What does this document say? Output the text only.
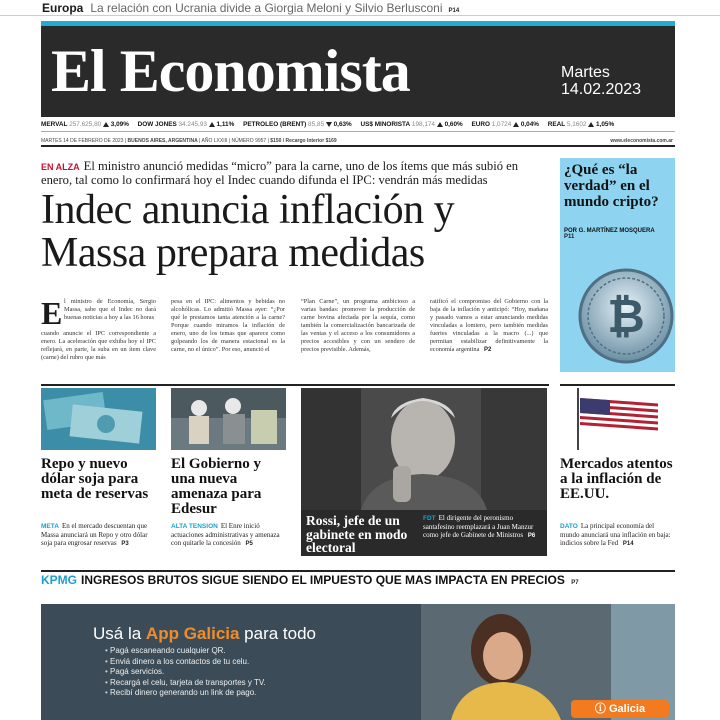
Europa La relación con Ucrania divide a Giorgia Meloni y Silvio Berlusconi P14
El Economista	Martes
14.02.2023
MERVAL 257.625,80 3,09% DOW JONES 34.245,93 1,11% PETROLEO (BRENT) 85,85 0,63% US$ MINORISTA 198,174 0,60% EURO 1,0724 0,04% REAL 5,1602 1,05%
MARTES 14 DE FEBRERO DE 2023 | BUENOS AIRES, ARGENTINA | AÑO LXXIII | NÚMERO 9957 | $150 / Recargo Interior $169	www.eleconomista.com.ar
EN ALZA El ministro anunció medidas “micro” para la carne, uno de los ítems que más subió en enero, tal como lo confirmará hoy el Indec cuando difunda el IPC: vendrán más medidas
Indec anuncia inflación y Massa prepara medidas
E l ministro de Economía, Sergio Massa, sabe que el Indec no dará buenas noticias a hoy a las 16 horas
cuando anuncie el IPC correspondiente a enero. La aceleración que exhiba hoy el IPC reflejará, en parte, la suba en un ítem clave (carne) del rubro que más
pesa en el IPC: alimentos y bebidas no alcohólicas. Lo admitió Massa ayer: “¿Por qué le prestamos tanta atención a la carne? Porque cuando miramos la inflación de enero, uno de los temas que aparece como golpeando los de manera estacional es la carne, no el único”. Por eso, anunció el
“Plan Carne”, un programa ambicioso a varias bandas: promover la producción de carne bovina afectada por la sequía, como también la comercialización bancarizada de las ventas y el acceso a los consumidores a precios accesibles y con un sendero de precios previsible. Además,
ratificó el compromiso del Gobierno con la baja de la inflación y anticipó: “Hoy, mañana y pasado vamos a estar anunciando medidas vinculadas a lomiero, pero también medidas fuertes vinculadas a la macro (...) que permitan estabilizar definitivamente la economía argentina P2
¿Qué es “la verdad” en el mundo cripto?
POR G. MARTÍNEZ MOSQUERA
P11
₿
Repo y nuevo dólar soja para meta de reservas
META En el mercado descuentan que Massa anunciará un Repo y otro dólar soja para engrosar reservas P3
El Gobierno y una nueva amenaza para Edesur
ALTA TENSION El Enre inició actuaciones administrativas y amenaza con quitarle la concesión P5
Rossi, jefe de un gabinete en modo electoral
FDT El dirigente del peronismo santafesino reemplazará a Juan Manzur como jefe de Gabinete de Ministros P6
Mercados atentos a la inflación de EE.UU.
DATO La principal economía del mundo anunciará una inflación en baja: indicios sobre la Fed P14
KPMG INGRESOS BRUTOS SIGUE SIENDO EL IMPUESTO QUE MAS IMPACTA EN PRECIOS P7
Usá la App Galicia para todo
• Pagá escaneando cualquier QR.
• Enviá dinero a los contactos de tu celu.
• Pagá servicios.
• Recargá el celu, tarjeta de transportes y TV.
• Recibí dinero generando un link de pago.
ⓘ Galicia
